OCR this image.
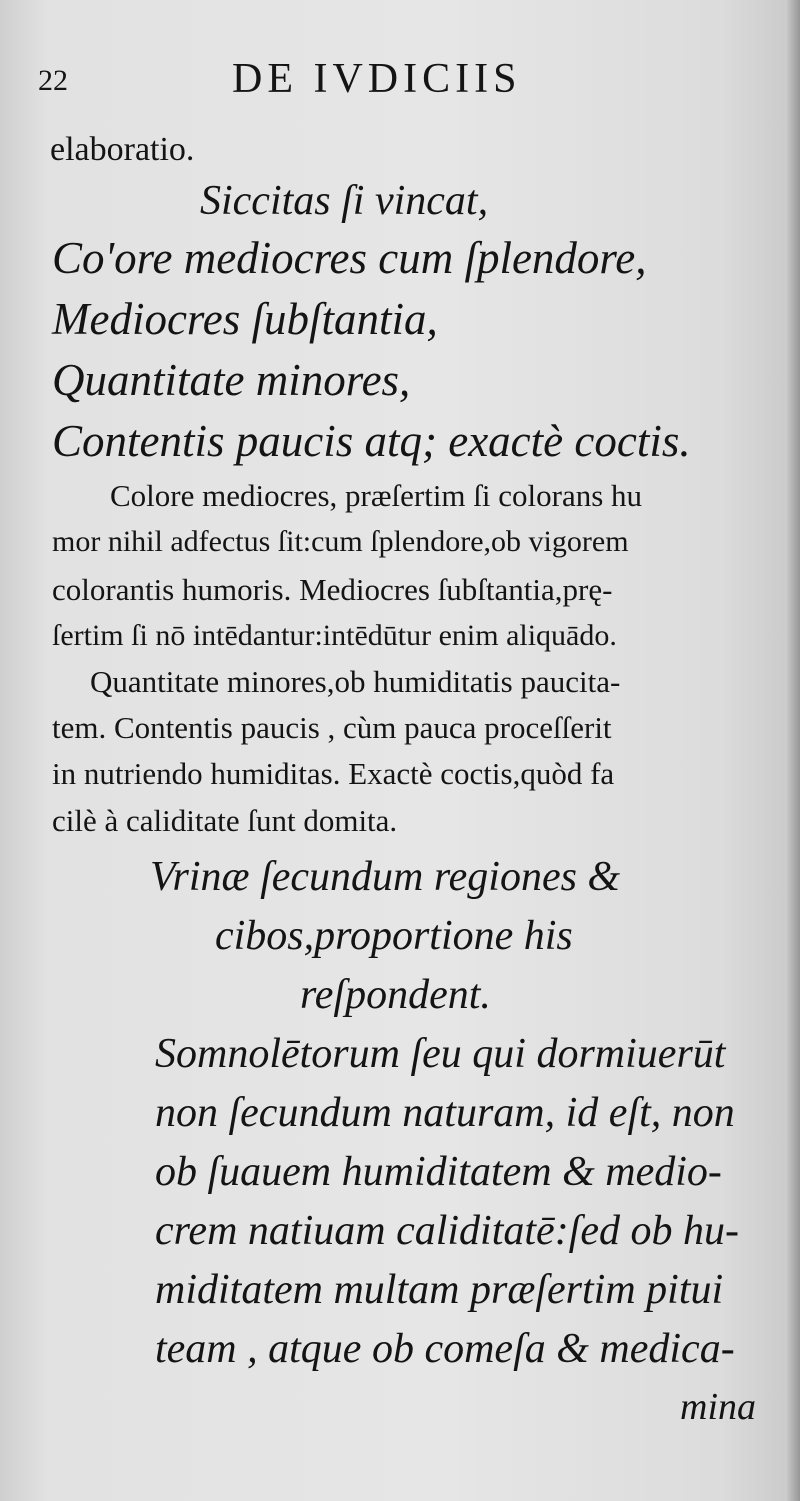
22	DE IVDICIIS
elaboratio.
Siccitas ſi vincat,
Co'ore mediocres cum ſplendore,
Mediocres ſubſtantia,
Quantitate minores,
Contentis paucis atq; exactè coctis.
Colore mediocres, præſertim ſi colorans hu
mor nihil adfectus ſit:cum ſplendore,ob vigorem
colorantis humoris. Mediocres ſubſtantia,prę-
ſertim ſi nō intēdantur:intēdūtur enim aliquādo.
Quantitate minores,ob humiditatis paucita-
tem. Contentis paucis , cùm pauca proceſſerit
in nutriendo humiditas. Exactè coctis,quòd fa
cilè à caliditate ſunt domita.
Vrinæ ſecundum regiones &
cibos,proportione his
reſpondent.
Somnolētorum ſeu qui dormiuerūt
non ſecundum naturam, id eſt, non
ob ſuauem humiditatem & medio-
crem natiuam caliditatē:ſed ob hu-
miditatem multam præſertim pitui
team , atque ob comeſa & medica-
mina
